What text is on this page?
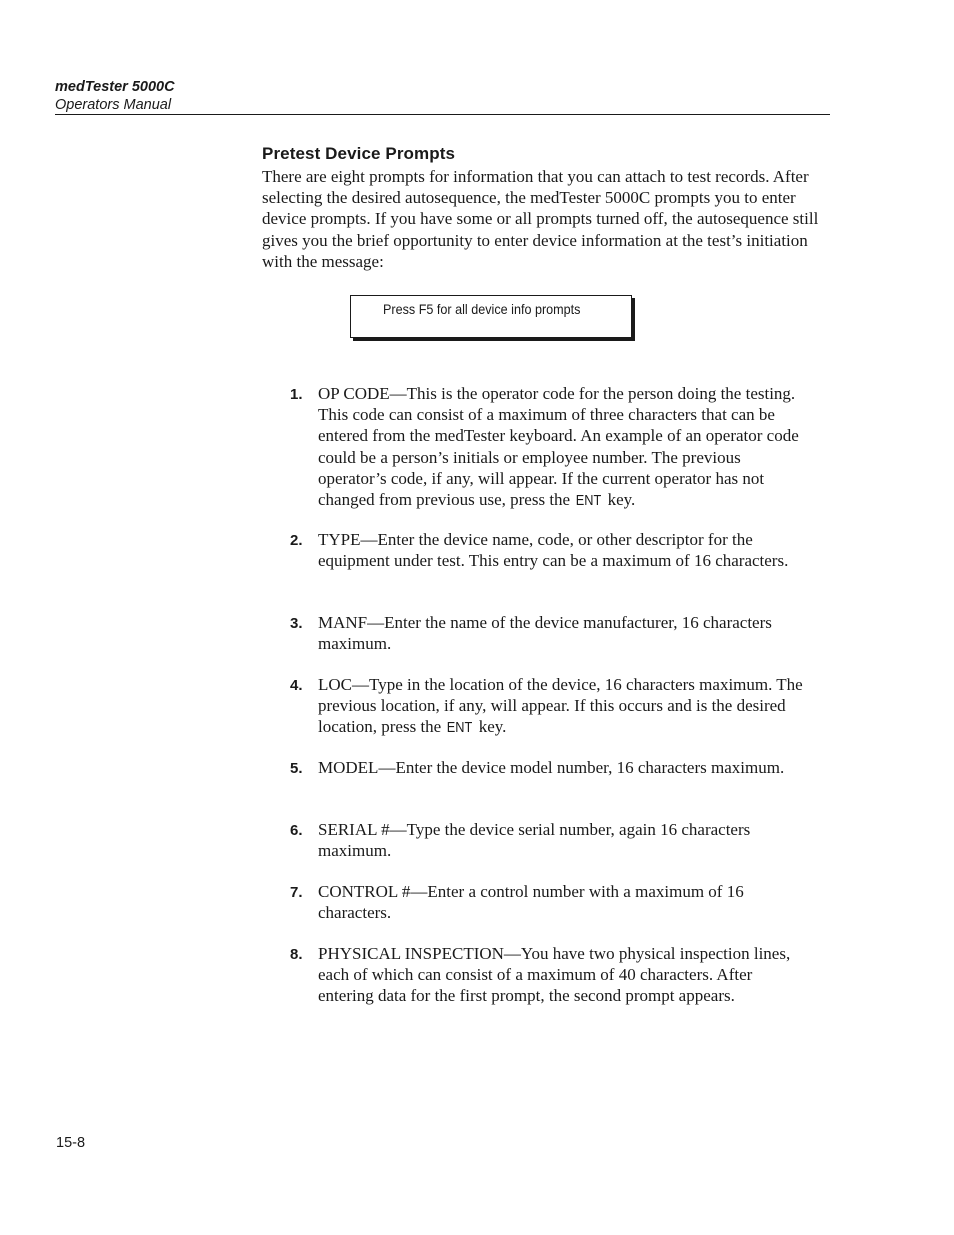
medTester 5000C
Operators Manual
Pretest Device Prompts

There are eight prompts for information that you can attach to test records. After selecting the desired autosequence, the medTester 5000C prompts you to enter device prompts. If you have some or all prompts turned off, the autosequence still gives you the brief opportunity to enter device information at the test’s initiation with the message:

Press F5 for all device info prompts
1. OP CODE—This is the operator code for the person doing the testing. This code can consist of a maximum of three characters that can be entered from the medTester keyboard. An example of an operator code could be a person’s initials or employee number. The previous operator’s code, if any, will appear. If the current operator has not changed from previous use, press the ENT key.
2. TYPE—Enter the device name, code, or other descriptor for the equipment under test. This entry can be a maximum of 16 characters.
3. MANF—Enter the name of the device manufacturer, 16 characters maximum.
4. LOC—Type in the location of the device, 16 characters maximum. The previous location, if any, will appear. If this occurs and is the desired location, press the ENT key.
5. MODEL—Enter the device model number, 16 characters maximum.
6. SERIAL #—Type the device serial number, again 16 characters maximum.
7. CONTROL #—Enter a control number with a maximum of 16 characters.
8. PHYSICAL INSPECTION—You have two physical inspection lines, each of which can consist of a maximum of 40 characters. After entering data for the first prompt, the second prompt appears.
15-8
